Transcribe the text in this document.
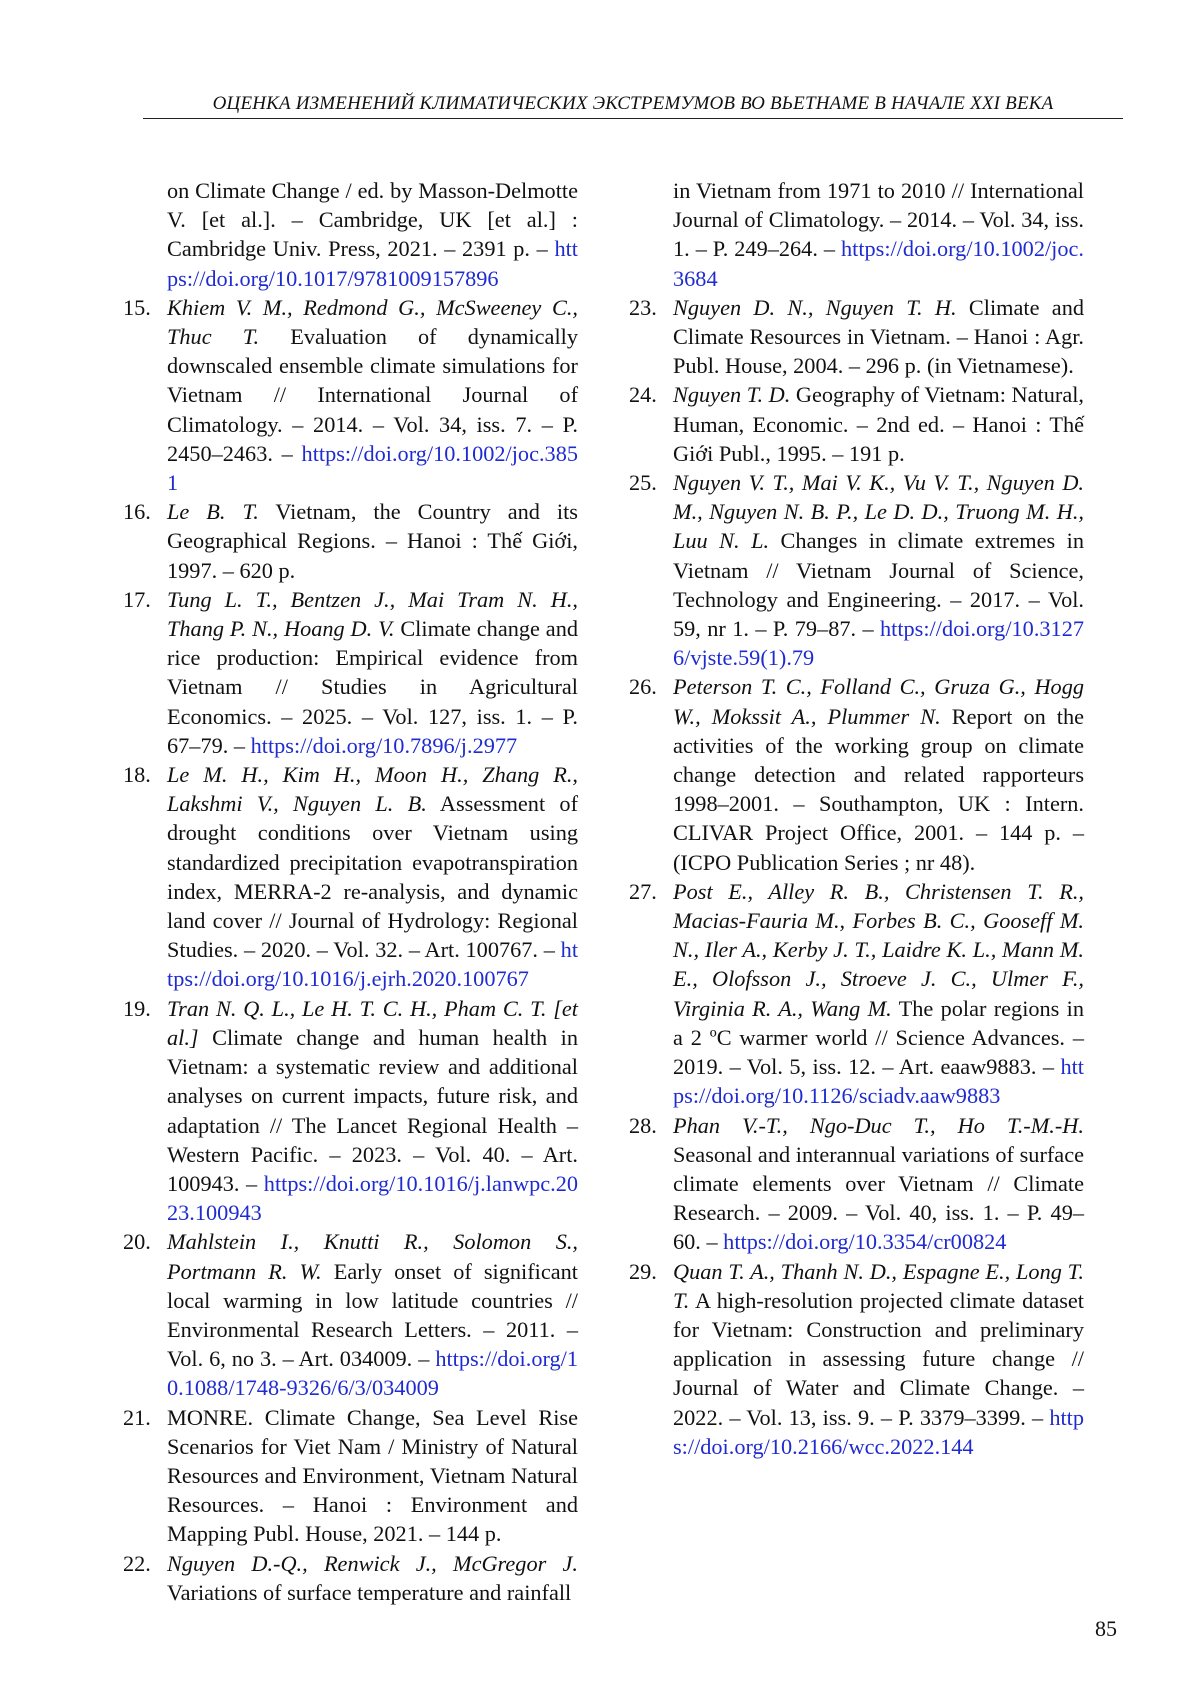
ОЦЕНКА ИЗМЕНЕНИЙ КЛИМАТИЧЕСКИХ ЭКСТРЕМУМОВ ВО ВЬЕТНАМЕ В НАЧАЛЕ XXI ВЕКА
on Climate Change / ed. by Masson-Delmotte V. [et al.]. – Cambridge, UK [et al.] : Cambridge Univ. Press, 2021. – 2391 p. – https://doi.org/10.1017/9781009157896
15. Khiem V. M., Redmond G., McSweeney C., Thuc T. Evaluation of dynamically downscaled ensemble climate simulations for Vietnam // International Journal of Climatology. – 2014. – Vol. 34, iss. 7. – P. 2450–2463. – https://doi.org/10.1002/joc.3851
16. Le B. T. Vietnam, the Country and its Geographical Regions. – Hanoi : Thế Giới, 1997. – 620 p.
17. Tung L. T., Bentzen J., Mai Tram N. H., Thang P. N., Hoang D. V. Climate change and rice production: Empirical evidence from Vietnam // Studies in Agricultural Economics. – 2025. – Vol. 127, iss. 1. – P. 67–79. – https://doi.org/10.7896/j.2977
18. Le M. H., Kim H., Moon H., Zhang R., Lakshmi V., Nguyen L. B. Assessment of drought conditions over Vietnam using standardized precipitation evapotranspiration index, MERRA-2 re-analysis, and dynamic land cover // Journal of Hydrology: Regional Studies. – 2020. – Vol. 32. – Art. 100767. – https://doi.org/10.1016/j.ejrh.2020.100767
19. Tran N. Q. L., Le H. T. C. H., Pham C. T. [et al.] Climate change and human health in Vietnam: a systematic review and additional analyses on current impacts, future risk, and adaptation // The Lancet Regional Health – Western Pacific. – 2023. – Vol. 40. – Art. 100943. – https://doi.org/10.1016/j.lanwpc.2023.100943
20. Mahlstein I., Knutti R., Solomon S., Portmann R. W. Early onset of significant local warming in low latitude countries // Environmental Research Letters. – 2011. – Vol. 6, no 3. – Art. 034009. – https://doi.org/10.1088/1748-9326/6/3/034009
21. MONRE. Climate Change, Sea Level Rise Scenarios for Viet Nam / Ministry of Natural Resources and Environment, Vietnam Natural Resources. – Hanoi : Environment and Mapping Publ. House, 2021. – 144 p.
22. Nguyen D.-Q., Renwick J., McGregor J. Variations of surface temperature and rainfall
in Vietnam from 1971 to 2010 // International Journal of Climatology. – 2014. – Vol. 34, iss. 1. – P. 249–264. – https://doi.org/10.1002/joc.3684
23. Nguyen D. N., Nguyen T. H. Climate and Climate Resources in Vietnam. – Hanoi : Agr. Publ. House, 2004. – 296 p. (in Vietnamese).
24. Nguyen T. D. Geography of Vietnam: Natural, Human, Economic. – 2nd ed. – Hanoi : Thế Giới Publ., 1995. – 191 p.
25. Nguyen V. T., Mai V. K., Vu V. T., Nguyen D. M., Nguyen N. B. P., Le D. D., Truong M. H., Luu N. L. Changes in climate extremes in Vietnam // Vietnam Journal of Science, Technology and Engineering. – 2017. – Vol. 59, nr 1. – P. 79–87. – https://doi.org/10.31276/vjste.59(1).79
26. Peterson T. C., Folland C., Gruza G., Hogg W., Mokssit A., Plummer N. Report on the activities of the working group on climate change detection and related rapporteurs 1998–2001. – Southampton, UK : Intern. CLIVAR Project Office, 2001. – 144 p. – (ICPO Publication Series ; nr 48).
27. Post E., Alley R. B., Christensen T. R., Macias-Fauria M., Forbes B. C., Gooseff M. N., Iler A., Kerby J. T., Laidre K. L., Mann M. E., Olofsson J., Stroeve J. C., Ulmer F., Virginia R. A., Wang M. The polar regions in a 2 ºC warmer world // Science Advances. – 2019. – Vol. 5, iss. 12. – Art. eaaw9883. – https://doi.org/10.1126/sciadv.aaw9883
28. Phan V.-T., Ngo-Duc T., Ho T.-M.-H. Seasonal and interannual variations of surface climate elements over Vietnam // Climate Research. – 2009. – Vol. 40, iss. 1. – P. 49–60. – https://doi.org/10.3354/cr00824
29. Quan T. A., Thanh N. D., Espagne E., Long T. T. A high-resolution projected climate dataset for Vietnam: Construction and preliminary application in assessing future change // Journal of Water and Climate Change. – 2022. – Vol. 13, iss. 9. – P. 3379–3399. – https://doi.org/10.2166/wcc.2022.144
85
